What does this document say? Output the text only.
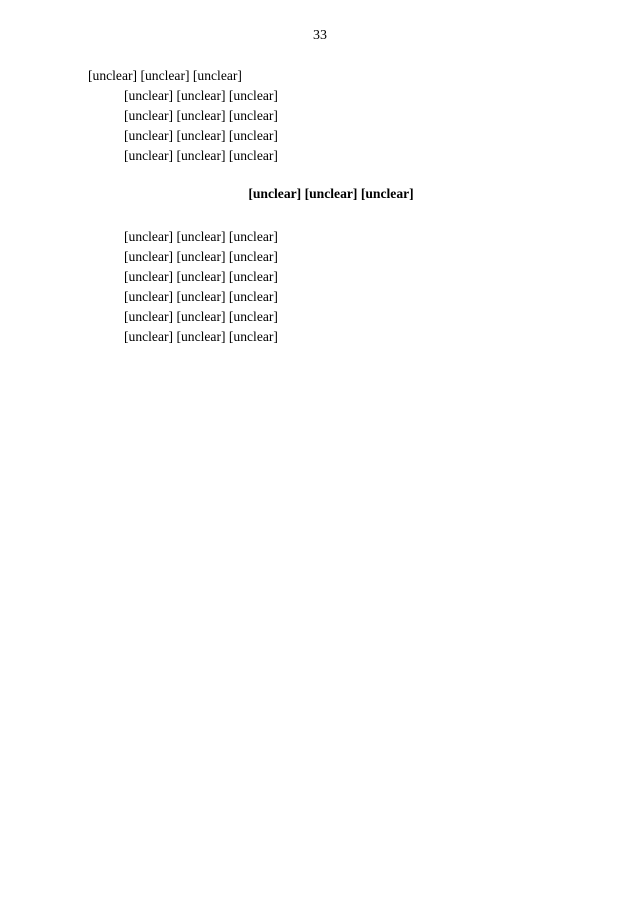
33

[unclear] [unclear] [unclear]

[unclear] [unclear] [unclear]

[unclear] [unclear] [unclear]

[unclear] [unclear] [unclear]

[unclear] [unclear] [unclear]

[unclear] [unclear] [unclear]

[unclear] [unclear] [unclear]

[unclear] [unclear] [unclear]

[unclear] [unclear] [unclear]

[unclear] [unclear] [unclear]

[unclear] [unclear] [unclear]

[unclear] [unclear] [unclear]
